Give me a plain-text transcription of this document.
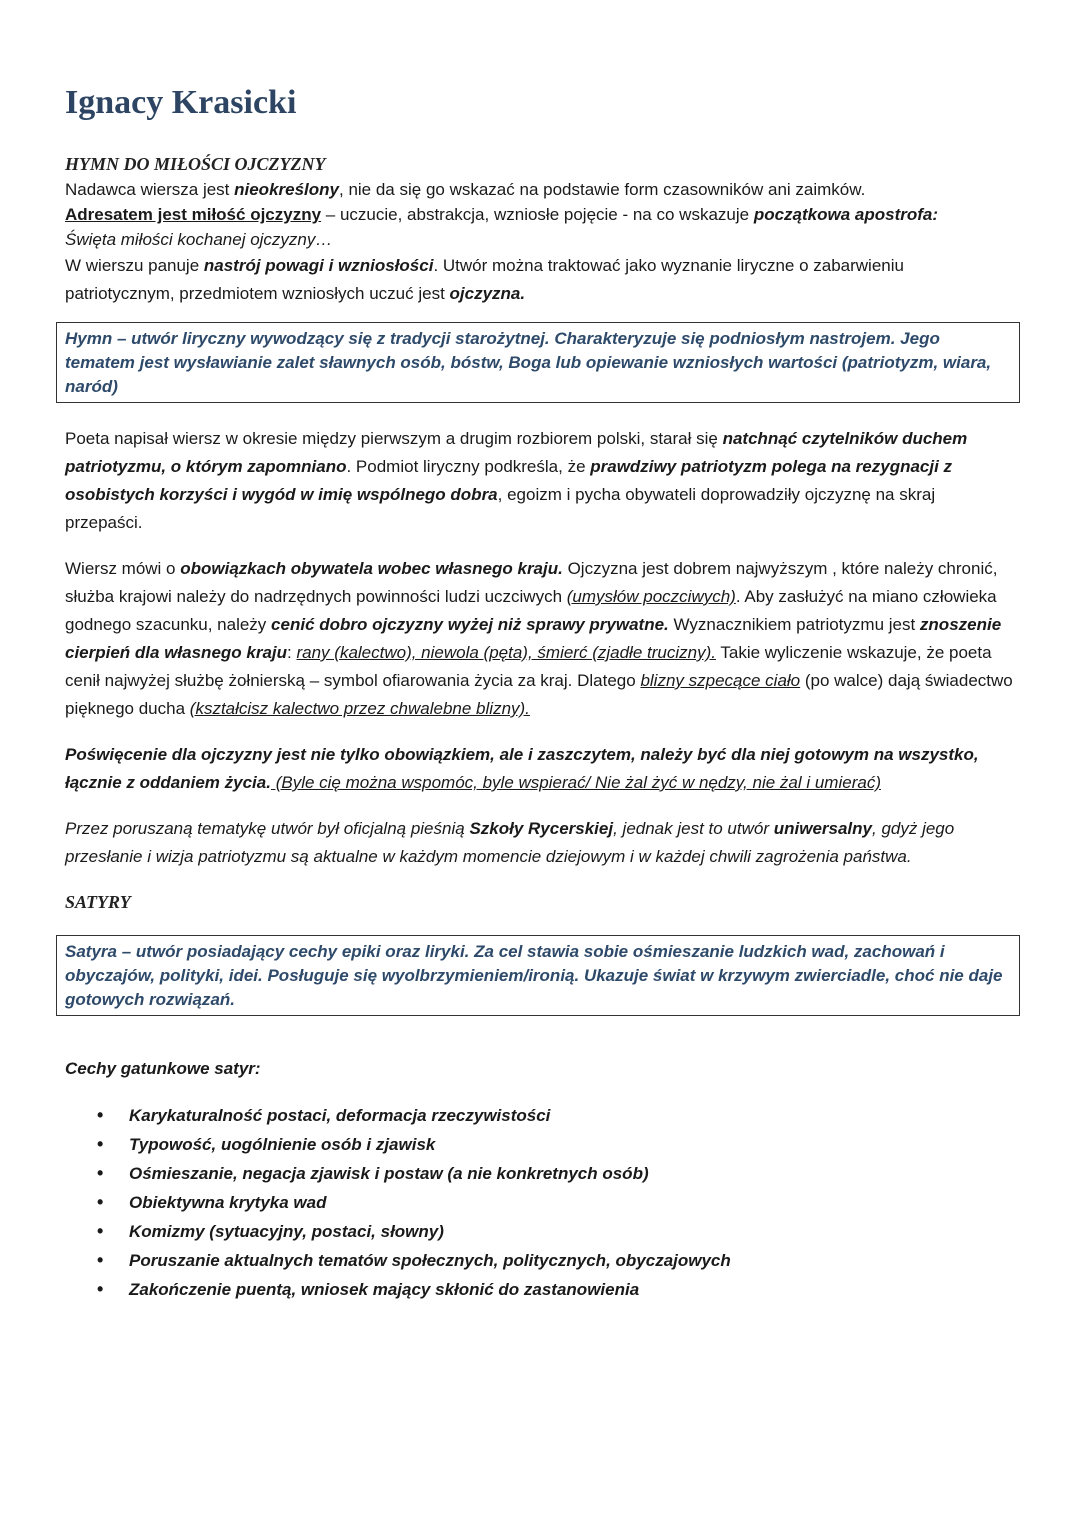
Ignacy Krasicki
HYMN DO MIŁOŚCI OJCZYZNY

Nadawca wiersza jest nieokreślony, nie da się go wskazać na podstawie form czasowników ani zaimków.

Adresatem jest miłość ojczyzny – uczucie, abstrakcja, wzniosłe pojęcie - na co wskazuje początkowa apostrofa:

Święta miłości kochanej ojczyzny…

W wierszu panuje nastrój powagi i wzniosłości. Utwór można traktować jako wyznanie liryczne o zabarwieniu patriotycznym, przedmiotem wzniosłych uczuć jest ojczyzna.

Hymn – utwór liryczny wywodzący się z tradycji starożytnej. Charakteryzuje się podniosłym nastrojem. Jego tematem jest wysławianie zalet sławnych osób, bóstw, Boga lub opiewanie wzniosłych wartości (patriotyzm, wiara, naród)

Poeta napisał wiersz w okresie między pierwszym a drugim rozbiorem polski, starał się natchnąć czytelników duchem patriotyzmu, o którym zapomniano. Podmiot liryczny podkreśla, że prawdziwy patriotyzm polega na rezygnacji z osobistych korzyści i wygód w imię wspólnego dobra, egoizm i pycha obywateli doprowadziły ojczyznę na skraj przepaści.

Wiersz mówi o obowiązkach obywatela wobec własnego kraju. Ojczyzna jest dobrem najwyższym , które należy chronić, służba krajowi należy do nadrzędnych powinności ludzi uczciwych (umysłów poczciwych). Aby zasłużyć na miano człowieka godnego szacunku, należy cenić dobro ojczyzny wyżej niż sprawy prywatne. Wyznacznikiem patriotyzmu jest znoszenie cierpień dla własnego kraju: rany (kalectwo), niewola (pęta), śmierć (zjadłe trucizny). Takie wyliczenie wskazuje, że poeta cenił najwyżej służbę żołnierską – symbol ofiarowania życia za kraj. Dlatego blizny szpecące ciało (po walce) dają świadectwo pięknego ducha (kształcisz kalectwo przez chwalebne blizny).

Poświęcenie dla ojczyzny jest nie tylko obowiązkiem, ale i zaszczytem, należy być dla niej gotowym na wszystko, łącznie z oddaniem życia. (Byle cię można wspomóc, byle wspierać/ Nie żal żyć w nędzy, nie żal i umierać)

Przez poruszaną tematykę utwór był oficjalną pieśnią Szkoły Rycerskiej, jednak jest to utwór uniwersalny, gdyż jego przesłanie i wizja patriotyzmu są aktualne w każdym momencie dziejowym i w każdej chwili zagrożenia państwa.

SATYRY
Satyra – utwór posiadający cechy epiki oraz liryki. Za cel stawia sobie ośmieszanie ludzkich wad, zachowań i obyczajów, polityki, idei. Posługuje się wyolbrzymieniem/ironią. Ukazuje świat w krzywym zwierciadle, choć nie daje gotowych rozwiązań.
Cechy gatunkowe satyr:
• Karykaturalność postaci, deformacja rzeczywistości
• Typowość, uogólnienie osób i zjawisk
• Ośmieszanie, negacja zjawisk i postaw (a nie konkretnych osób)
• Obiektywna krytyka wad
• Komizmy (sytuacyjny, postaci, słowny)
• Poruszanie aktualnych tematów społecznych, politycznych, obyczajowych
• Zakończenie puentą, wniosek mający skłonić do zastanowienia
